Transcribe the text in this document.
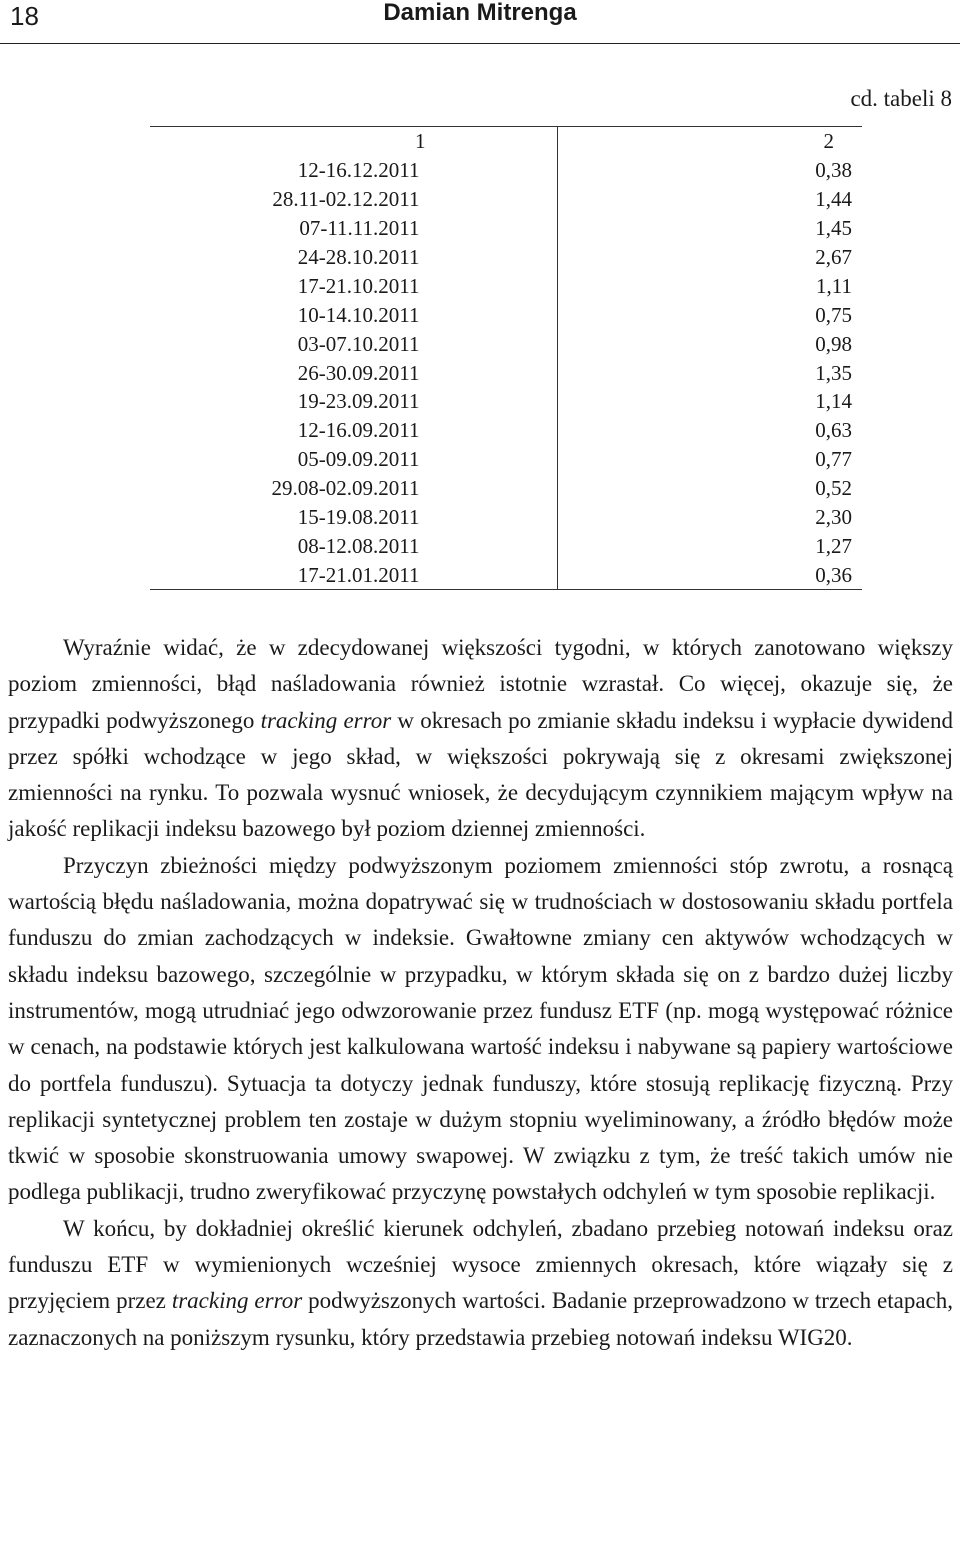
18	Damian Mitrenga
cd. tabeli 8
1	2
12-16.12.2011	0,38
28.11-02.12.2011	1,44
07-11.11.2011	1,45
24-28.10.2011	2,67
17-21.10.2011	1,11
10-14.10.2011	0,75
03-07.10.2011	0,98
26-30.09.2011	1,35
19-23.09.2011	1,14
12-16.09.2011	0,63
05-09.09.2011	0,77
29.08-02.09.2011	0,52
15-19.08.2011	2,30
08-12.08.2011	1,27
17-21.01.2011	0,36

Wyraźnie widać, że w zdecydowanej większości tygodni, w których zanotowano większy poziom zmienności, błąd naśladowania również istotnie wzrastał. Co więcej, okazuje się, że przypadki podwyższonego tracking error w okresach po zmianie składu indeksu i wypłacie dywidend przez spółki wchodzące w jego skład, w większości pokrywają się z okresami zwiększonej zmienności na rynku. To pozwala wysnuć wniosek, że decydującym czynnikiem mającym wpływ na jakość replikacji indeksu bazowego był poziom dziennej zmienności.

Przyczyn zbieżności między podwyższonym poziomem zmienności stóp zwrotu, a rosnącą wartością błędu naśladowania, można dopatrywać się w trudnościach w dostosowaniu składu portfela funduszu do zmian zachodzących w indeksie. Gwałtowne zmiany cen aktywów wchodzących w składu indeksu bazowego, szczególnie w przypadku, w którym składa się on z bardzo dużej liczby instrumentów, mogą utrudniać jego odwzorowanie przez fundusz ETF (np. mogą występować różnice w cenach, na podstawie których jest kalkulowana wartość indeksu i nabywane są papiery wartościowe do portfela funduszu). Sytuacja ta dotyczy jednak funduszy, które stosują replikację fizyczną. Przy replikacji syntetycznej problem ten zostaje w dużym stopniu wyeliminowany, a źródło błędów może tkwić w sposobie skonstruowania umowy swapowej. W związku z tym, że treść takich umów nie podlega publikacji, trudno zweryfikować przyczynę powstałych odchyleń w tym sposobie replikacji.

W końcu, by dokładniej określić kierunek odchyleń, zbadano przebieg notowań indeksu oraz funduszu ETF w wymienionych wcześniej wysoce zmiennych okresach, które wiązały się z przyjęciem przez tracking error podwyższonych wartości. Badanie przeprowadzono w trzech etapach, zaznaczonych na poniższym rysunku, który przedstawia przebieg notowań indeksu WIG20.
